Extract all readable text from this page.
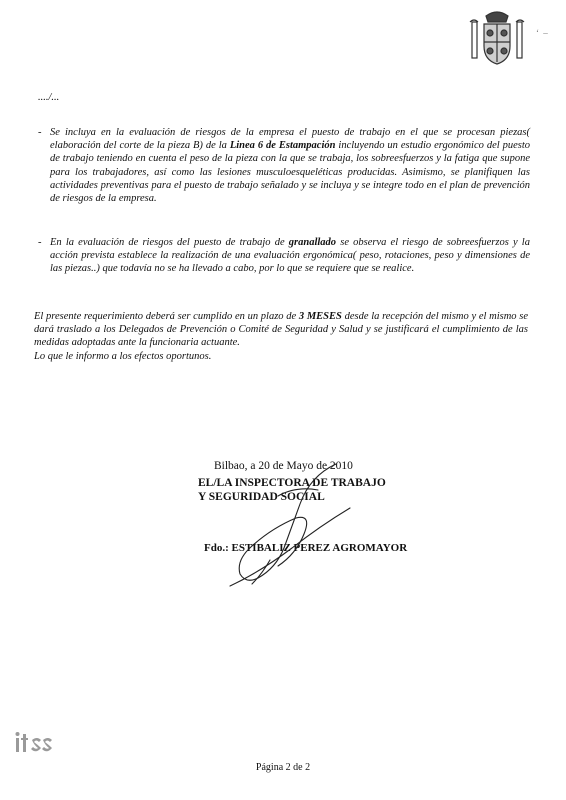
‘ –
..../...
- Se incluya en la evaluación de riesgos de la empresa el puesto de trabajo en el que se procesan piezas( elaboración del corte de la pieza B) de la Linea 6 de Estampación incluyendo un estudio ergonómico del puesto de trabajo teniendo en cuenta el peso de la pieza con la que se trabaja, los sobreesfuerzos y la fatiga que supone para los trabajadores, así como las lesiones musculoesqueléticas producidas. Asimismo, se planifiquen las actividades preventivas para el puesto de trabajo señalado y se incluya y se integre todo en el plan de prevención de riesgos de la empresa.
- En la evaluación de riesgos del puesto de trabajo de granallado se observa el riesgo de sobreesfuerzos y la acción prevista establece la realización de una evaluación ergonómica( peso, rotaciones, peso y dimensiones de las piezas..) que todavía no se ha llevado a cabo, por lo que se requiere que se realice.

El presente requerimiento deberá ser cumplido en un plazo de 3 MESES desde la recepción del mismo y el mismo se dará traslado a los Delegados de Prevención o Comité de Seguridad y Salud y se justificará el cumplimiento de las medidas adoptadas ante la funcionaria actuante.

Lo que le informo a los efectos oportunos.

Bilbao, a 20 de Mayo de 2010
EL/LA INSPECTORA DE TRABAJO
Y SEGURIDAD SOCIAL
Fdo.: ESTIBALIZ PEREZ AGROMAYOR
Página 2 de 2
